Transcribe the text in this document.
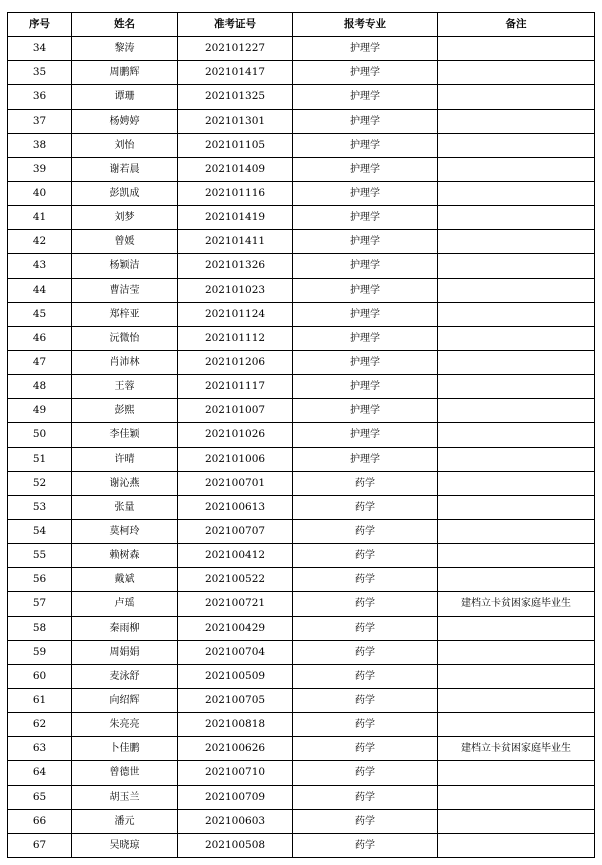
序号	姓名	准考证号	报考专业	备注
34	黎涛	202101227	护理学	
35	周鹏辉	202101417	护理学	
36	谭珊	202101325	护理学	
37	杨娉婷	202101301	护理学	
38	刘怡	202101105	护理学	
39	谢若晨	202101409	护理学	
40	彭凯成	202101116	护理学	
41	刘梦	202101419	护理学	
42	曾媛	202101411	护理学	
43	杨颖洁	202101326	护理学	
44	曹洁莹	202101023	护理学	
45	郑梓亚	202101124	护理学	
46	沅微怡	202101112	护理学	
47	肖沛林	202101206	护理学	
48	王蓉	202101117	护理学	
49	彭熙	202101007	护理学	
50	李佳颖	202101026	护理学	
51	许晴	202101006	护理学	
52	谢沁燕	202100701	药学	
53	张量	202100613	药学	
54	莫柯玲	202100707	药学	
55	赖树森	202100412	药学	
56	戴斌	202100522	药学	
57	卢瑶	202100721	药学	建档立卡贫困家庭毕业生
58	秦雨柳	202100429	药学	
59	周娟娟	202100704	药学	
60	麦泳舒	202100509	药学	
61	向绍辉	202100705	药学	
62	朱亮亮	202100818	药学	
63	卜佳鹏	202100626	药学	建档立卡贫困家庭毕业生
64	曾德世	202100710	药学	
65	胡玉兰	202100709	药学	
66	潘元	202100603	药学	
67	吴晓琼	202100508	药学	
